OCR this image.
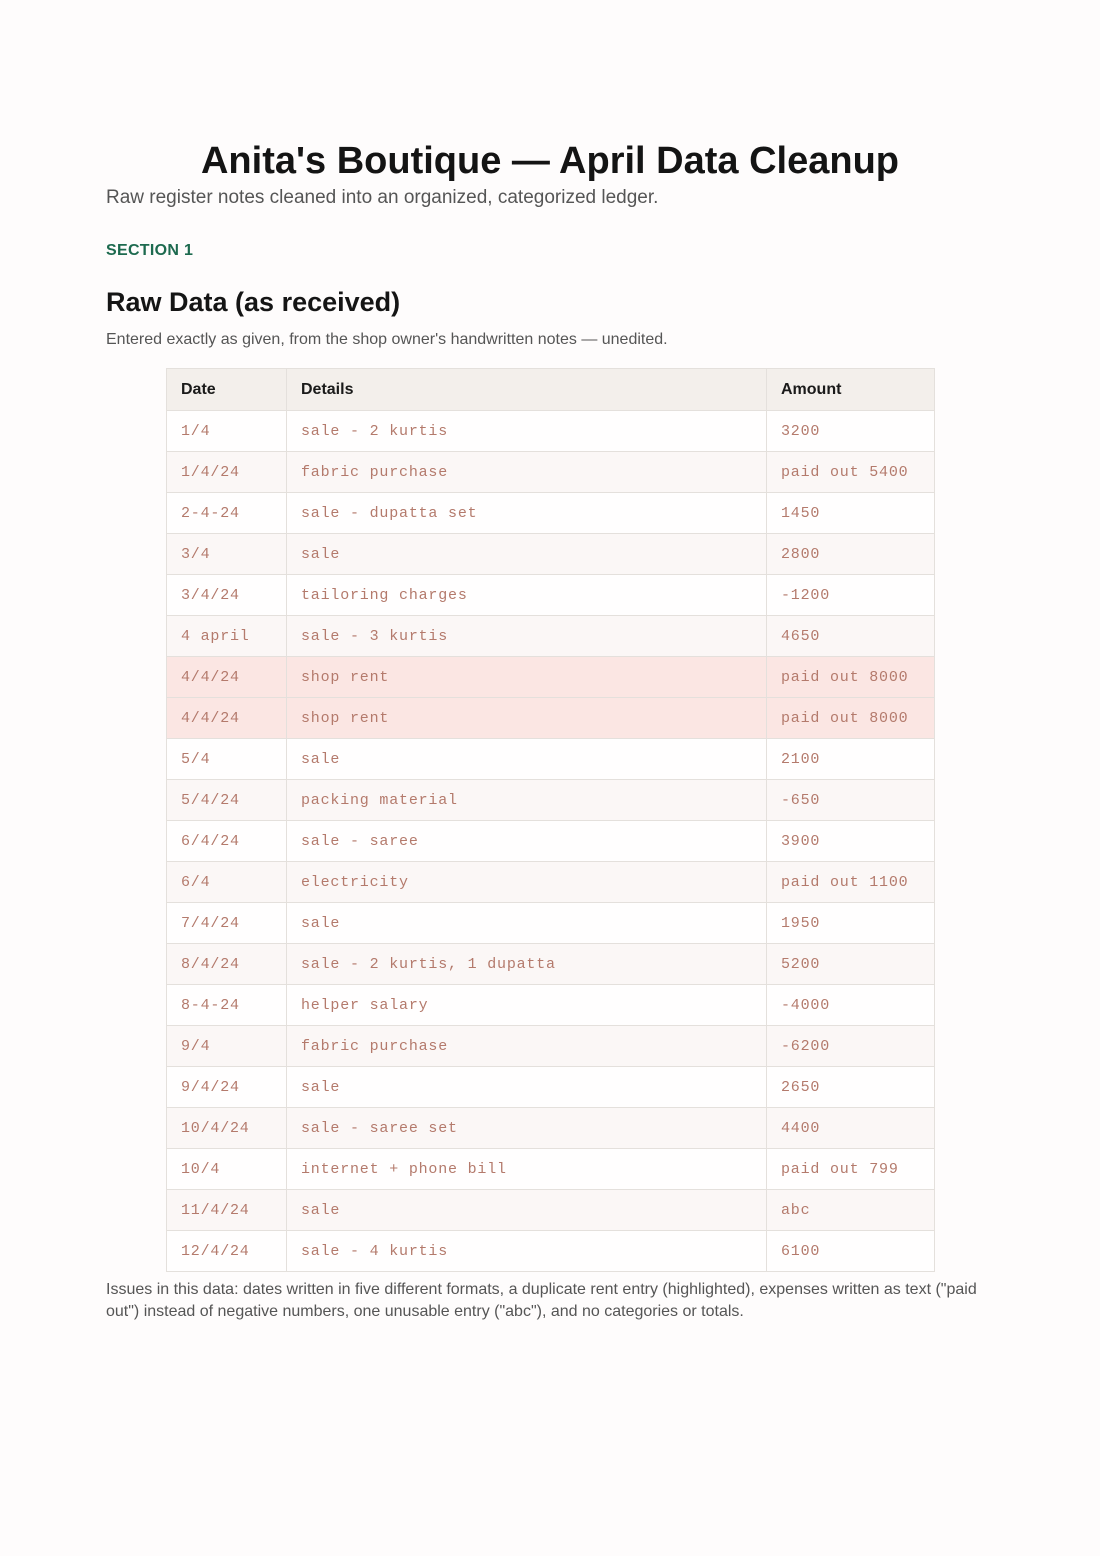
Anita's Boutique — April Data Cleanup

Raw register notes cleaned into an organized, categorized ledger.

SECTION 1
Raw Data (as received)

Entered exactly as given, from the shop owner's handwritten notes — unedited.

Date	Details	Amount
1/4	sale - 2 kurtis	3200
1/4/24	fabric purchase	paid out 5400
2-4-24	sale - dupatta set	1450
3/4	sale	2800
3/4/24	tailoring charges	-1200
4 april	sale - 3 kurtis	4650
4/4/24	shop rent	paid out 8000
4/4/24	shop rent	paid out 8000
5/4	sale	2100
5/4/24	packing material	-650
6/4/24	sale - saree	3900
6/4	electricity	paid out 1100
7/4/24	sale	1950
8/4/24	sale - 2 kurtis, 1 dupatta	5200
8-4-24	helper salary	-4000
9/4	fabric purchase	-6200
9/4/24	sale	2650
10/4/24	sale - saree set	4400
10/4	internet + phone bill	paid out 799
11/4/24	sale	abc
12/4/24	sale - 4 kurtis	6100

Issues in this data: dates written in five different formats, a duplicate rent entry (highlighted), expenses written as text ("paid out") instead of negative numbers, one unusable entry ("abc"), and no categories or totals.
